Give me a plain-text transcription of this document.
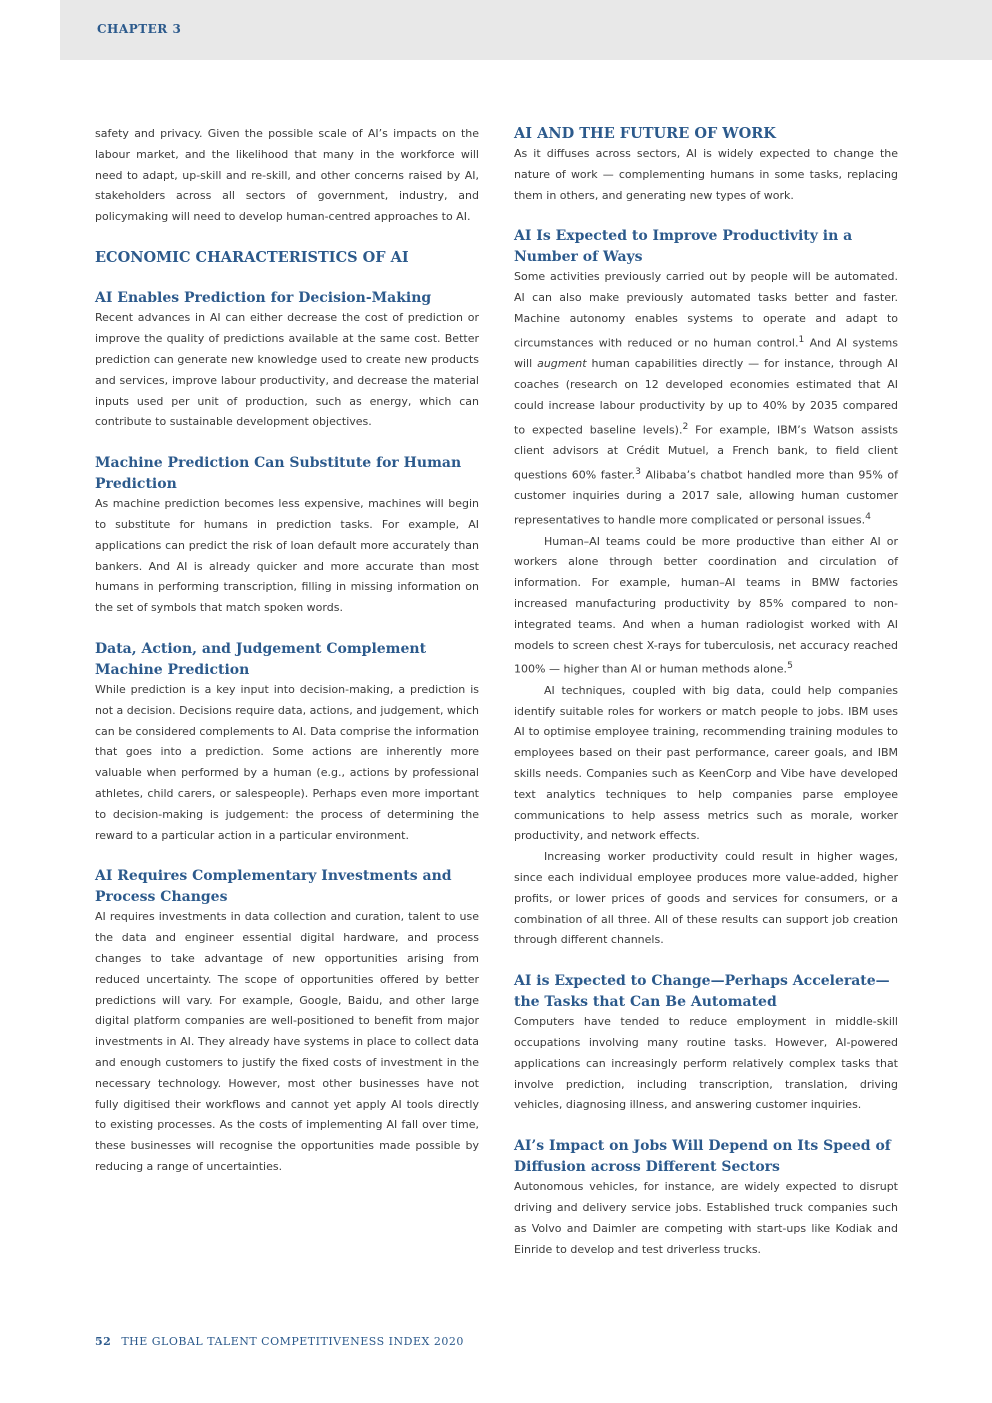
CHAPTER 3

safety and privacy. Given the possible scale of AI’s impacts on the labour market, and the likelihood that many in the workforce will need to adapt, up-skill and re-skill, and other concerns raised by AI, stakeholders across all sectors of government, industry, and policymaking will need to develop human-centred approaches to AI.

ECONOMIC CHARACTERISTICS OF AI
AI Enables Prediction for Decision-Making

Recent advances in AI can either decrease the cost of prediction or improve the quality of predictions available at the same cost. Better prediction can generate new knowledge used to create new products and services, improve labour productivity, and decrease the material inputs used per unit of production, such as energy, which can contribute to sustainable development objectives.

Machine Prediction Can Substitute for Human Prediction

As machine prediction becomes less expensive, machines will begin to substitute for humans in prediction tasks. For example, AI applications can predict the risk of loan default more accurately than bankers. And AI is already quicker and more accurate than most humans in performing transcription, filling in missing information on the set of symbols that match spoken words.

Data, Action, and Judgement Complement Machine Prediction

While prediction is a key input into decision-making, a prediction is not a decision. Decisions require data, actions, and judgement, which can be considered complements to AI. Data comprise the information that goes into a prediction. Some actions are inherently more valuable when performed by a human (e.g., actions by professional athletes, child carers, or salespeople). Perhaps even more important to decision-making is judgement: the process of determining the reward to a particular action in a particular environment.

AI Requires Complementary Investments and Process Changes

AI requires investments in data collection and curation, talent to use the data and engineer essential digital hardware, and process changes to take advantage of new opportunities arising from reduced uncertainty. The scope of opportunities offered by better predictions will vary. For example, Google, Baidu, and other large digital platform companies are well-positioned to benefit from major investments in AI. They already have systems in place to collect data and enough customers to justify the fixed costs of investment in the necessary technology. However, most other businesses have not fully digitised their workflows and cannot yet apply AI tools directly to existing processes. As the costs of implementing AI fall over time, these businesses will recognise the opportunities made possible by reducing a range of uncertainties.

AI AND THE FUTURE OF WORK

As it diffuses across sectors, AI is widely expected to change the nature of work — complementing humans in some tasks, replacing them in others, and generating new types of work.

AI Is Expected to Improve Productivity in a Number of Ways

Some activities previously carried out by people will be automated. AI can also make previously automated tasks better and faster. Machine autonomy enables systems to operate and adapt to circumstances with reduced or no human control.$^1$ And AI systems will augment human capabilities directly — for instance, through AI coaches (research on 12 developed economies estimated that AI could increase labour productivity by up to 40% by 2035 compared to expected baseline levels).$^2$ For example, IBM’s Watson assists client advisors at Crédit Mutuel, a French bank, to field client questions 60% faster.$^3$ Alibaba’s chatbot handled more than 95% of customer inquiries during a 2017 sale, allowing human customer representatives to handle more complicated or personal issues.$^4$

Human–AI teams could be more productive than either AI or workers alone through better coordination and circulation of information. For example, human–AI teams in BMW factories increased manufacturing productivity by 85% compared to non-integrated teams. And when a human radiologist worked with AI models to screen chest X-rays for tuberculosis, net accuracy reached 100% — higher than AI or human methods alone.$^5$

AI techniques, coupled with big data, could help companies identify suitable roles for workers or match people to jobs. IBM uses AI to optimise employee training, recommending training modules to employees based on their past performance, career goals, and IBM skills needs. Companies such as KeenCorp and Vibe have developed text analytics techniques to help companies parse employee communications to help assess metrics such as morale, worker productivity, and network effects.

Increasing worker productivity could result in higher wages, since each individual employee produces more value-added, higher profits, or lower prices of goods and services for consumers, or a combination of all three. All of these results can support job creation through different channels.

AI is Expected to Change—Perhaps Accelerate—the Tasks that Can Be Automated

Computers have tended to reduce employment in middle-skill occupations involving many routine tasks. However, AI-powered applications can increasingly perform relatively complex tasks that involve prediction, including transcription, translation, driving vehicles, diagnosing illness, and answering customer inquiries.

AI’s Impact on Jobs Will Depend on Its Speed of Diffusion across Different Sectors

Autonomous vehicles, for instance, are widely expected to disrupt driving and delivery service jobs. Established truck companies such as Volvo and Daimler are competing with start-ups like Kodiak and Einride to develop and test driverless trucks.

52 THE GLOBAL TALENT COMPETITIVENESS INDEX 2020
